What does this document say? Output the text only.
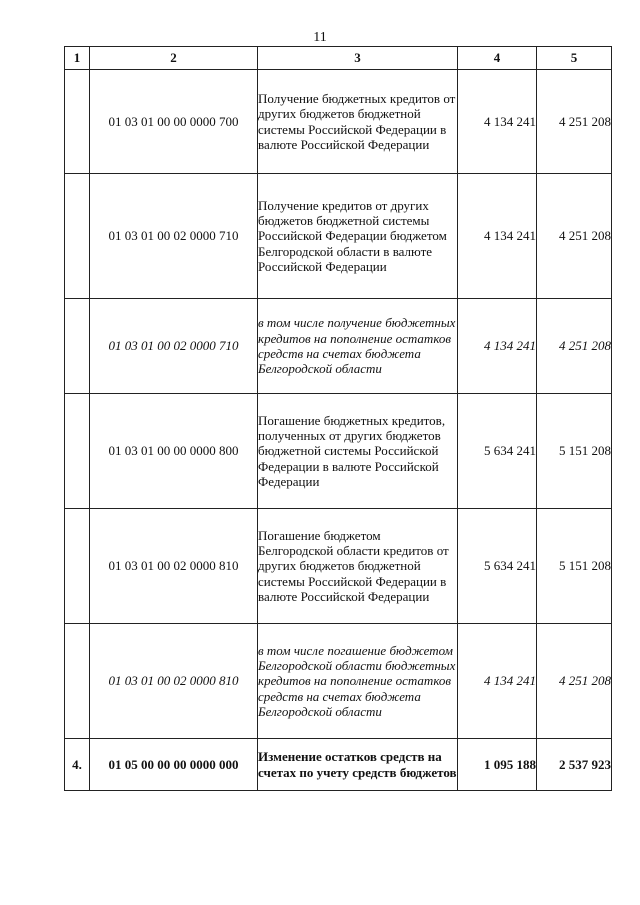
11
1	2	3	4	5
	01 03 01 00 00 0000 700	Получение бюджетных кредитов от других бюджетов бюджетной системы Российской Федерации в валюте Российской Федерации	4 134 241	4 251 208
	01 03 01 00 02 0000 710	Получение кредитов от других бюджетов бюджетной системы Российской Федерации бюджетом Белгородской области в валюте Российской Федерации	4 134 241	4 251 208
	01 03 01 00 02 0000 710	в том числе получение бюджетных кредитов на пополнение остатков средств на счетах бюджета Белгородской области	4 134 241	4 251 208
	01 03 01 00 00 0000 800	Погашение бюджетных кредитов, полученных от других бюджетов бюджетной системы Российской Федерации в валюте Российской Федерации	5 634 241	5 151 208
	01 03 01 00 02 0000 810	Погашение бюджетом Белгородской области кредитов от других бюджетов бюджетной системы Российской Федерации в валюте Российской Федерации	5 634 241	5 151 208
	01 03 01 00 02 0000 810	в том числе погашение бюджетом Белгородской области бюджетных кредитов на пополнение остатков средств на счетах бюджета Белгородской области	4 134 241	4 251 208
4.	01 05 00 00 00 0000 000	Изменение остатков средств на счетах по учету средств бюджетов	1 095 188	2 537 923
